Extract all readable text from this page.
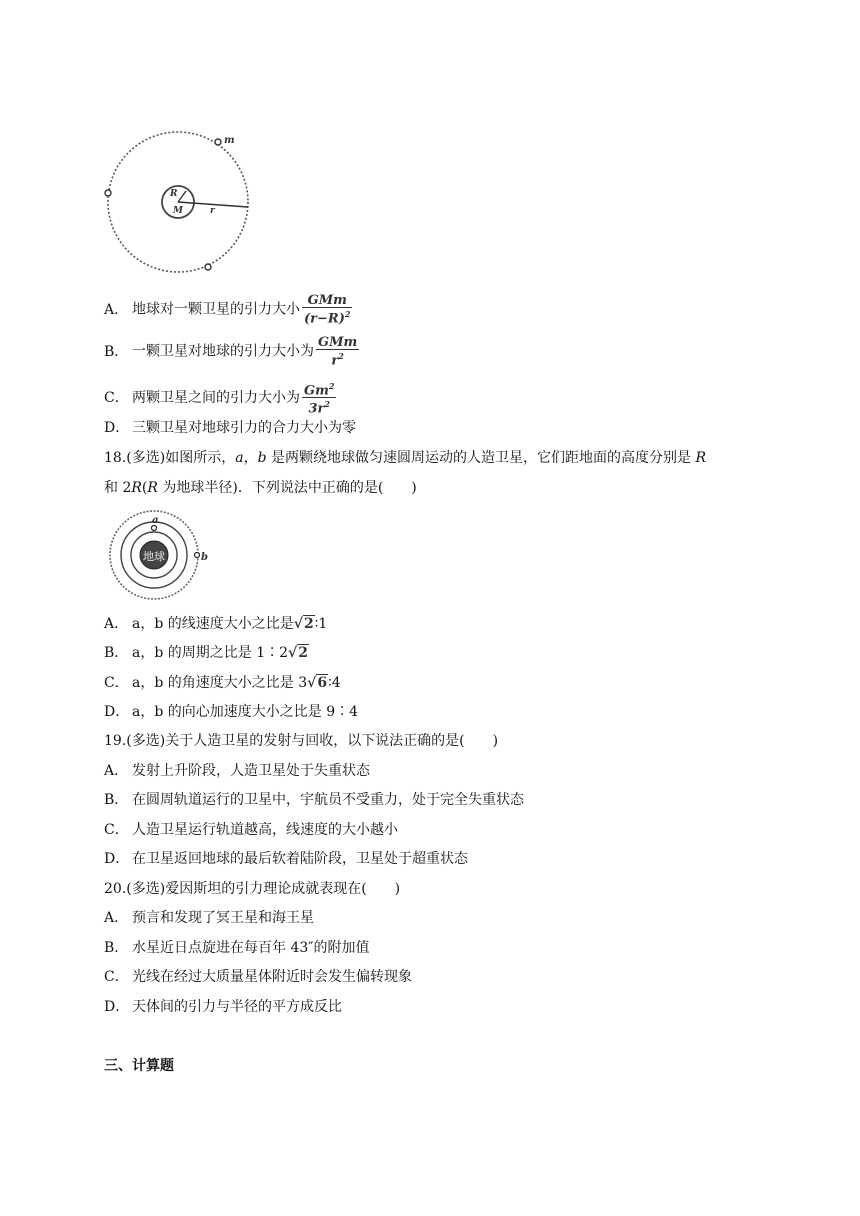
m
R
M	r
A． 地球对一颗卫星的引力大小 $\frac{\text{GMm}}{(r-R)^2}$
B． 一颗卫星对地球的引力大小为 $\frac{\text{GMm}}{r^2}$
C． 两颗卫星之间的引力大小为 $\frac{Gm^2}{3r^2}$
D． 三颗卫星对地球引力的合力大小为零
18.(多选)如图所示，a，b 是两颗绕地球做匀速圆周运动的人造卫星，它们距地面的高度分别是 R
和 2R(R 为地球半径)．下列说法中正确的是(　　)
地球
a
b
A． a，b 的线速度大小之比是√2∶1
B． a，b 的周期之比是 1∶2√2
C． a，b 的角速度大小之比是 3√6∶4
D． a，b 的向心加速度大小之比是 9∶4
19.(多选)关于人造卫星的发射与回收，以下说法正确的是(　　)
A． 发射上升阶段，人造卫星处于失重状态
B． 在圆周轨道运行的卫星中，宇航员不受重力，处于完全失重状态
C． 人造卫星运行轨道越高，线速度的大小越小
D． 在卫星返回地球的最后软着陆阶段，卫星处于超重状态
20.(多选)爱因斯坦的引力理论成就表现在(　　)
A． 预言和发现了冥王星和海王星
B． 水星近日点旋进在每百年 43″的附加值
C． 光线在经过大质量星体附近时会发生偏转现象
D． 天体间的引力与半径的平方成反比
三、计算题
